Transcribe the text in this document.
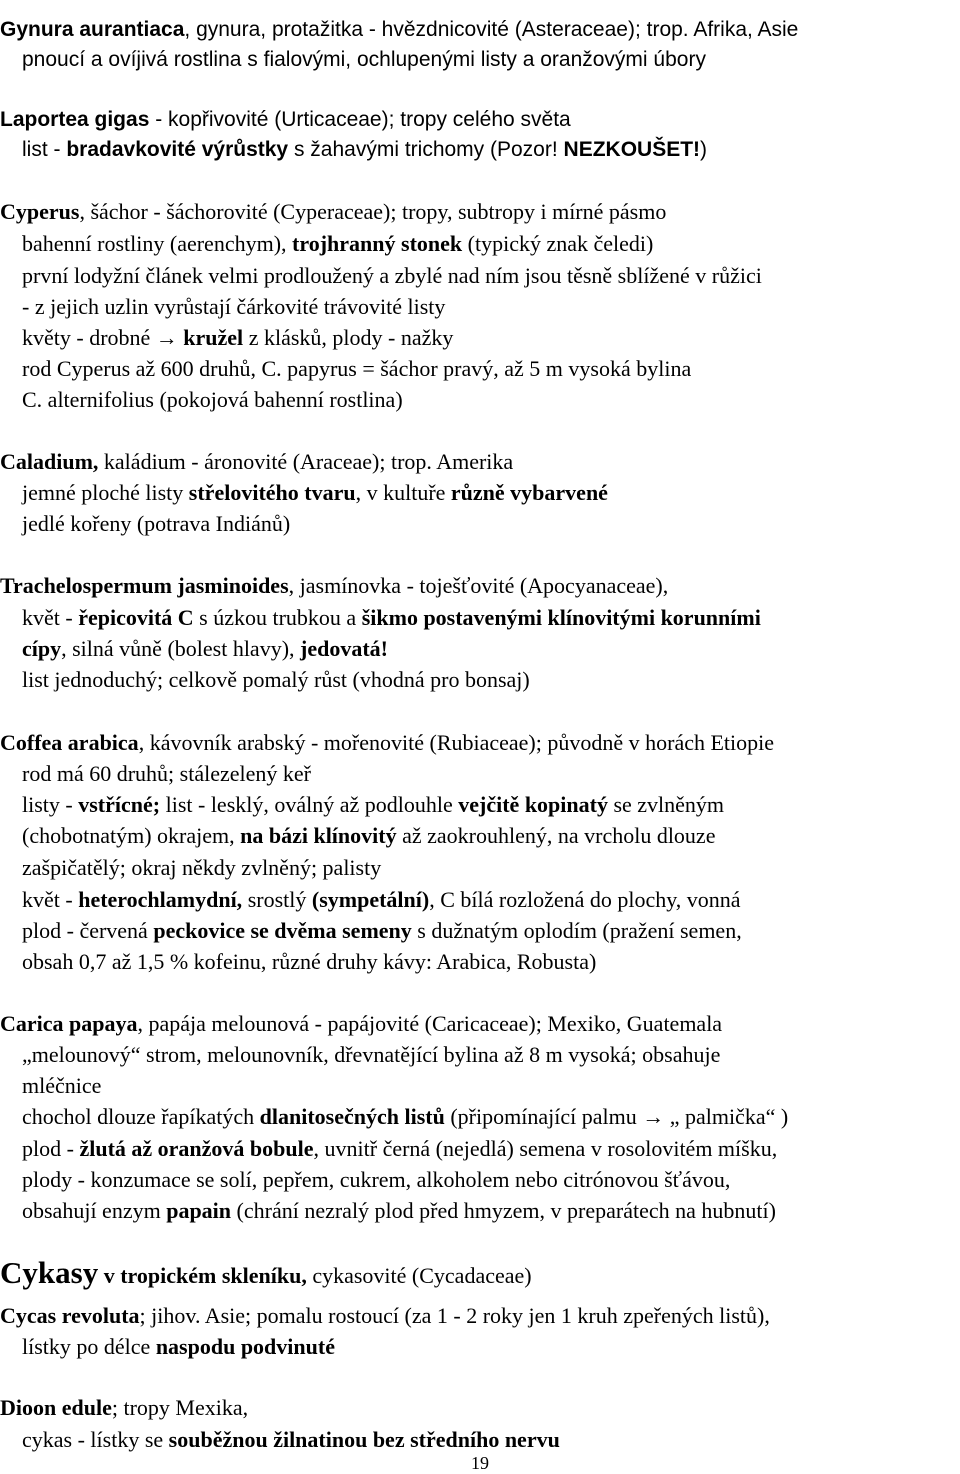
Gynura aurantiaca, gynura, protažitka - hvězdnicovité (Asteraceae); trop. Afrika, Asie
pnoucí a ovíjivá rostlina s fialovými, ochlupenými listy a oranžovými úbory
Laportea gigas - kopřivovité (Urticaceae); tropy celého světa
list - bradavkovité výrůstky s žahavými trichomy (Pozor! NEZKOUŠET!)
Cyperus, šáchor - šáchorovité (Cyperaceae); tropy, subtropy i mírné pásmo
bahenní rostliny (aerenchym), trojhranný stonek (typický znak čeledi)
první lodyžní článek velmi prodloužený a zbylé nad ním jsou těsně sblížené v růžici
- z jejich uzlin vyrůstají čárkovité trávovité listy
květy - drobné → kružel z klásků, plody - nažky
rod Cyperus až 600 druhů, C. papyrus = šáchor pravý, až 5 m vysoká bylina
C. alternifolius (pokojová bahenní rostlina)
Caladium, kaládium - áronovité (Araceae); trop. Amerika
jemné ploché listy střelovitého tvaru, v kultuře různě vybarvené
jedlé kořeny (potrava Indiánů)
Trachelospermum jasminoides, jasmínovka - toješťovité (Apocyanaceae),
květ - řepicovitá C s úzkou trubkou a šikmo postavenými klínovitými korunními
cípy, silná vůně (bolest hlavy), jedovatá!
list jednoduchý; celkově pomalý růst (vhodná pro bonsaj)
Coffea arabica, kávovník arabský - mořenovité (Rubiaceae); původně v horách Etiopie
rod má 60 druhů; stálezelený keř
listy - vstřícné; list - lesklý, oválný až podlouhle vejčitě kopinatý se zvlněným
(chobotnatým) okrajem, na bázi klínovitý až zaokrouhlený, na vrcholu dlouze
zašpičatělý; okraj někdy zvlněný; palisty
květ - heterochlamydní, srostlý (sympetální), C bílá rozložená do plochy, vonná
plod - červená peckovice se dvěma semeny s dužnatým oplodím (pražení semen,
obsah 0,7 až 1,5 % kofeinu, různé druhy kávy: Arabica, Robusta)
Carica papaya, papája melounová - papájovité (Caricaceae); Mexiko, Guatemala
„melounový“ strom, melounovník, dřevnatějící bylina až 8 m vysoká; obsahuje
mléčnice
chochol dlouze řapíkatých dlanitosečných listů (připomínající palmu → „ palmička“ )
plod - žlutá až oranžová bobule, uvnitř černá (nejedlá) semena v rosolovitém míšku,
plody - konzumace se solí, pepřem, cukrem, alkoholem nebo citrónovou šťávou,
obsahují enzym papain (chrání nezralý plod před hmyzem, v preparátech na hubnutí)
Cykasy v tropickém skleníku, cykasovité (Cycadaceae)
Cycas revoluta; jihov. Asie; pomalu rostoucí (za 1 - 2 roky jen 1 kruh zpeřených listů),
lístky po délce naspodu podvinuté
Dioon edule; tropy Mexika,
cykas - lístky se souběžnou žilnatinou bez středního nervu
19
